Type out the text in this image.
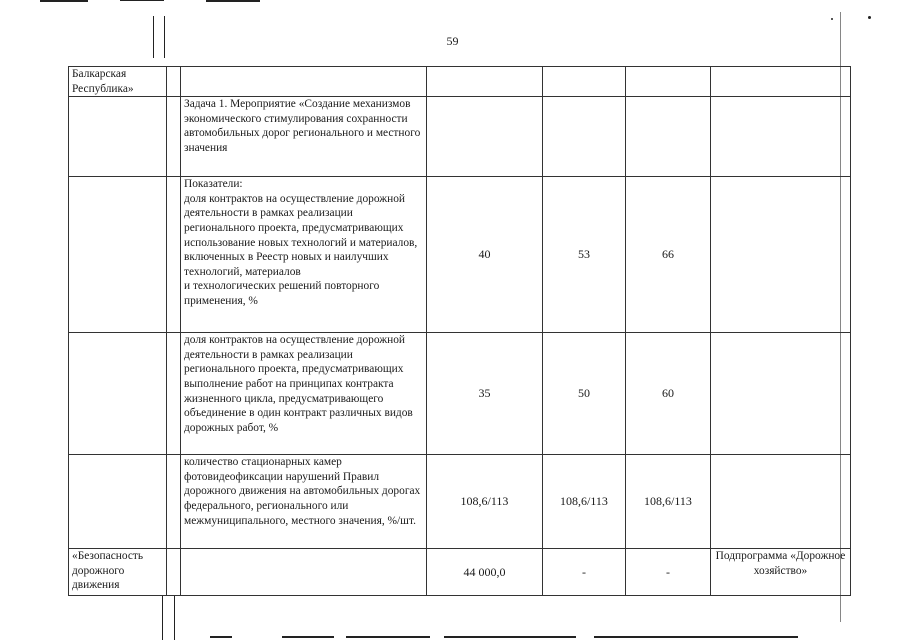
59
Балкарская Республика»						
		Задача 1. Мероприятие «Создание механизмов экономического стимулирования сохранности автомобильных дорог регионального и местного значения				
		Показатели:
доля контрактов на осуществление дорожной деятельности в рамках реализации регионального проекта, предусматривающих использование новых технологий и материалов, включенных в Реестр новых и наилучших технологий, материалов
и технологических решений повторного применения, %	40	53	66	
		доля контрактов на осуществление дорожной деятельности в рамках реализации регионального проекта, предусматривающих выполнение работ на принципах контракта жизненного цикла, предусматривающего объединение в один контракт различных видов дорожных работ, %	35	50	60	
		количество стационарных камер фотовидеофиксации нарушений Правил дорожного движения на автомобильных дорогах федерального, регионального или межмуниципального, местного значения, %/шт.	108,6/113	108,6/113	108,6/113	
«Безопасность дорожного движения			44 000,0	-	-	Подпрограмма «Дорожное хозяйство»
